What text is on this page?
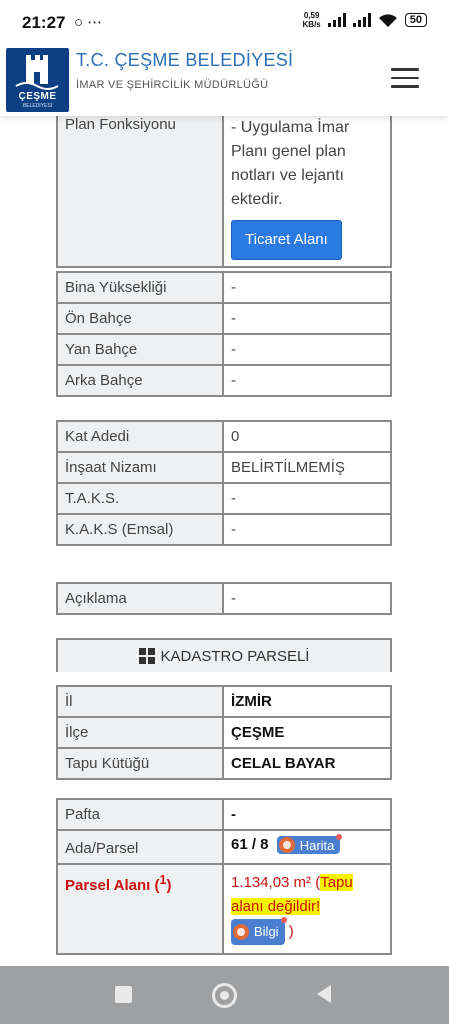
21:27 ○ ⋯	0,59
KB/s	50
ÇEŞME
BELEDİYESİ
T.C. ÇEŞME BELEDİYESİ
İMAR VE ŞEHİRCİLİK MÜDÜRLÜĞÜ
Plan Fonksiyonu	- Uygulama İmar Planı genel plan notları ve lejantı ektedir.
Ticaret Alanı
Bina Yüksekliği	-
Ön Bahçe	-
Yan Bahçe	-
Arka Bahçe	-
Kat Adedi	0
İnşaat Nizamı	BELİRTİLMEMİŞ
T.A.K.S.	-
K.A.K.S (Emsal)	-
Açıklama	-
KADASTRO PARSELİ
İl	İZMİR
İlçe	ÇEŞME
Tapu Kütüğü	CELAL BAYAR
Pafta	-
Ada/Parsel	61 / 8 Harita
Parsel Alanı ($^1$)	1.134,03 m² (Tapu alanı değildir!

Bilgi )
